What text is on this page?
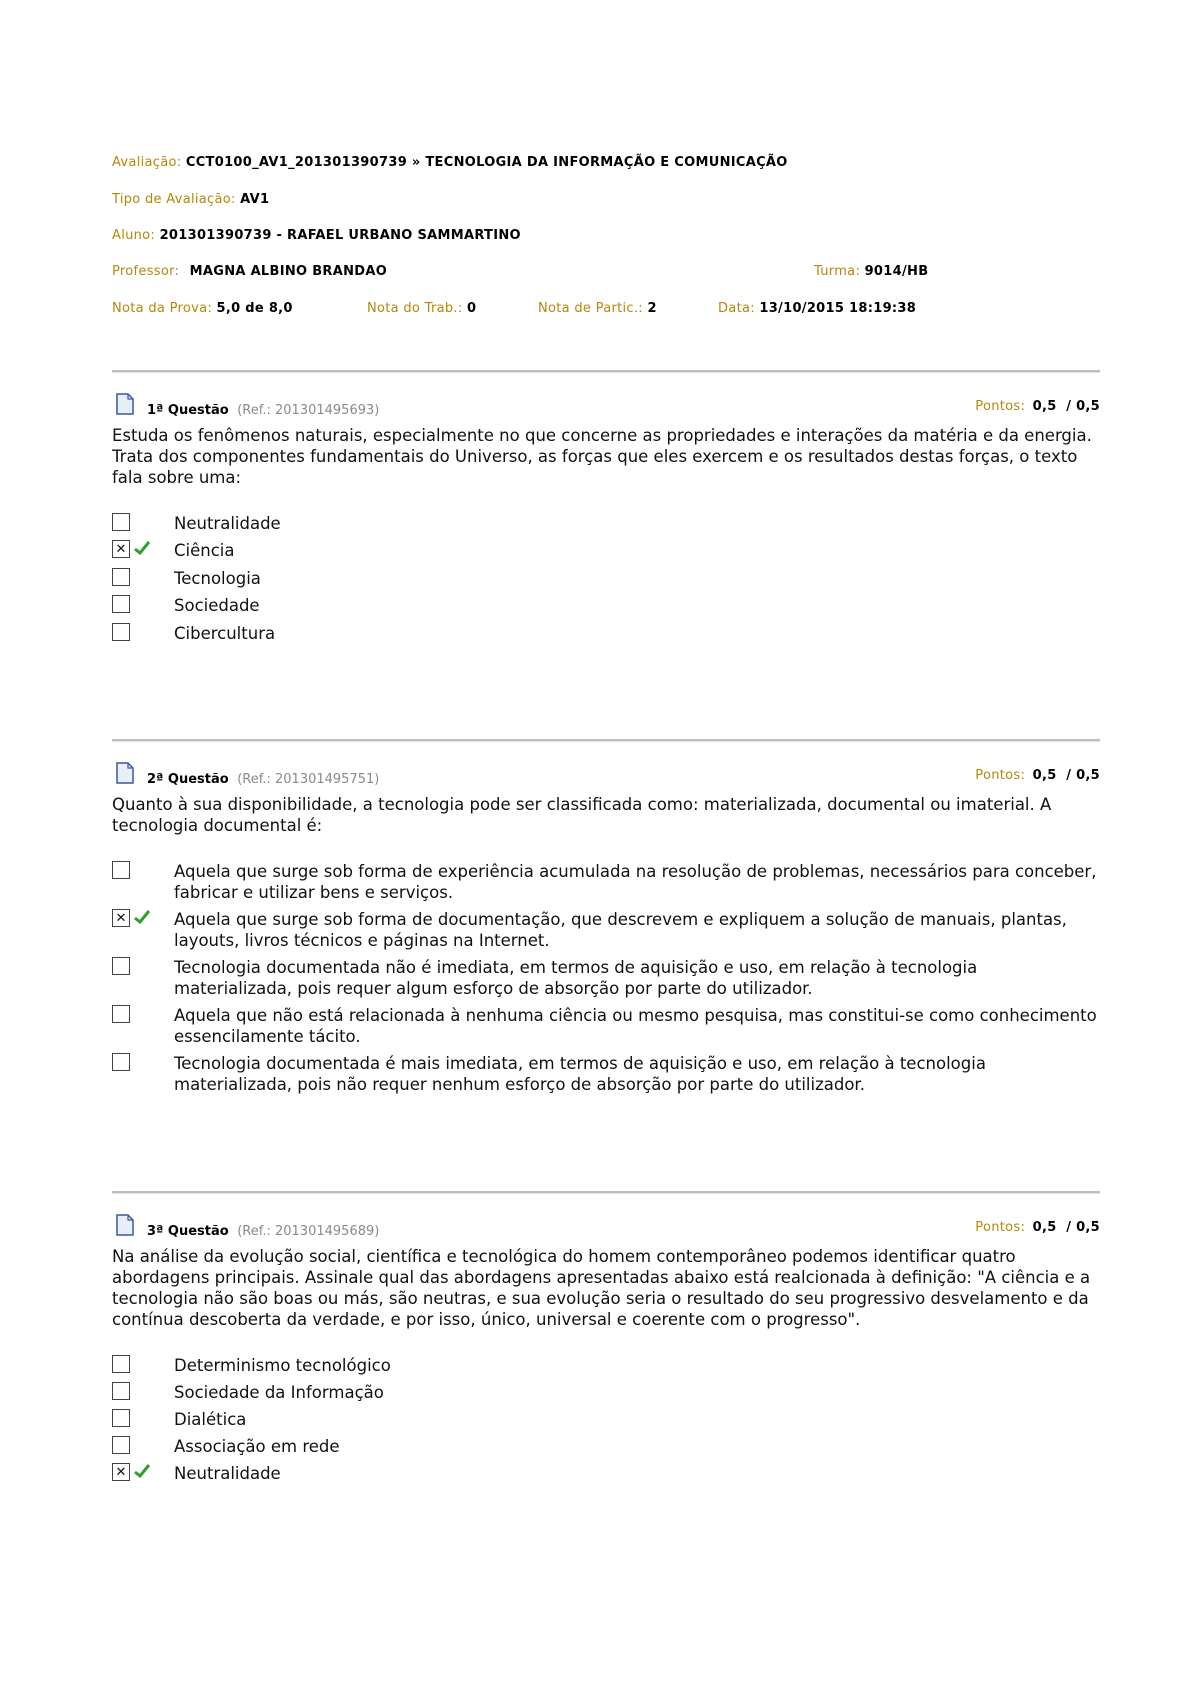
Avaliação: CCT0100_AV1_201301390739 » TECNOLOGIA DA INFORMAÇÃO E COMUNICAÇÃO
Tipo de Avaliação: AV1
Aluno: 201301390739 - RAFAEL URBANO SAMMARTINO
Professor: MAGNA ALBINO BRANDAO	Turma: 9014/HB
Nota da Prova: 5,0 de 8,0	Nota do Trab.: 0	Nota de Partic.: 2	Data: 13/10/2015 18:19:38
1ª Questão (Ref.: 201301495693)	Pontos: 0,5  / 0,5
Estuda os fenômenos naturais, especialmente no que concerne as propriedades e interações da matéria e da energia. Trata dos componentes fundamentais do Universo, as forças que eles exercem e os resultados destas forças, o texto fala sobre uma:
Neutralidade
✕	Ciência
Tecnologia
Sociedade
Cibercultura
2ª Questão (Ref.: 201301495751)	Pontos: 0,5  / 0,5
Quanto à sua disponibilidade, a tecnologia pode ser classificada como: materializada, documental ou imaterial. A tecnologia documental é:
Aquela que surge sob forma de experiência acumulada na resolução de problemas, necessários para conceber, fabricar e utilizar bens e serviços.
✕	Aquela que surge sob forma de documentação, que descrevem e expliquem a solução de manuais, plantas, layouts, livros técnicos e páginas na Internet.
Tecnologia documentada não é imediata, em termos de aquisição e uso, em relação à tecnologia materializada, pois requer algum esforço de absorção por parte do utilizador.
Aquela que não está relacionada à nenhuma ciência ou mesmo pesquisa, mas constitui-se como conhecimento essencilamente tácito.
Tecnologia documentada é mais imediata, em termos de aquisição e uso, em relação à tecnologia materializada, pois não requer nenhum esforço de absorção por parte do utilizador.
3ª Questão (Ref.: 201301495689)	Pontos: 0,5  / 0,5
Na análise da evolução social, científica e tecnológica do homem contemporâneo podemos identificar quatro abordagens principais. Assinale qual das abordagens apresentadas abaixo está realcionada à definição: "A ciência e a tecnologia não são boas ou más, são neutras, e sua evolução seria o resultado do seu progressivo desvelamento e da contínua descoberta da verdade, e por isso, único, universal e coerente com o progresso".
Determinismo tecnológico
Sociedade da Informação
Dialética
Associação em rede
✕	Neutralidade
